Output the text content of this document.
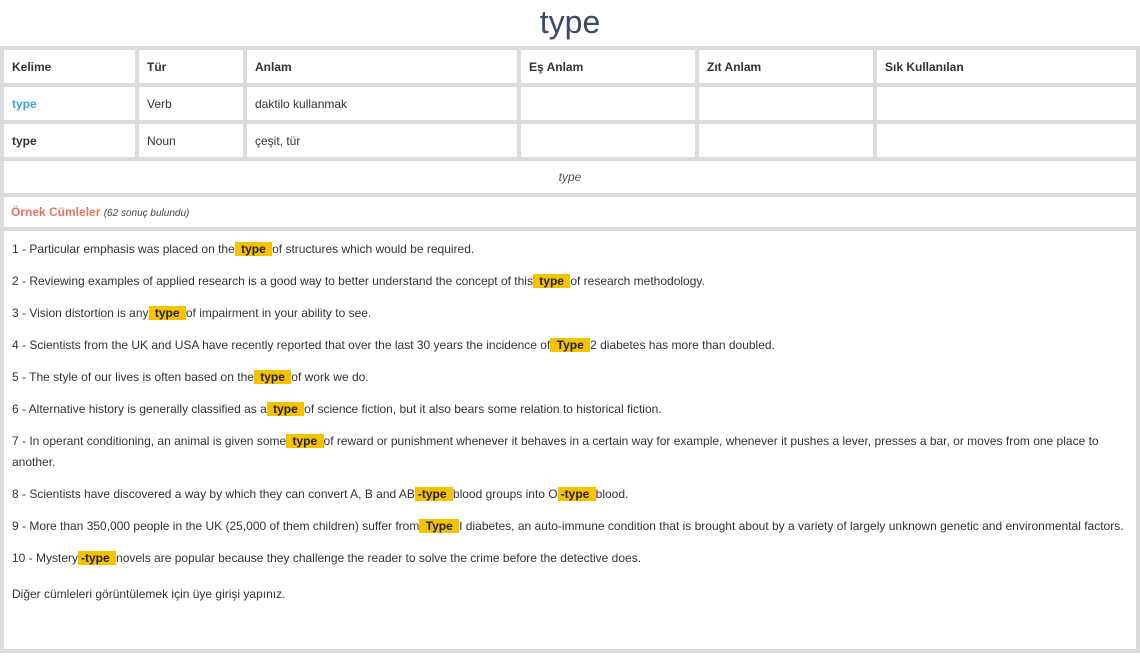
type
Kelime	Tür	Anlam	Eş Anlam	Zıt Anlam	Sık Kullanılan
type	Verb	daktilo kullanmak			
type	Noun	çeşit, tür			
type					
Örnek Cümleler (62 sonuç bulundu)
1 - Particular emphasis was placed on the type of structures which would be required.
2 - Reviewing examples of applied research is a good way to better understand the concept of this type of research methodology.
3 - Vision distortion is any type of impairment in your ability to see.
4 - Scientists from the UK and USA have recently reported that over the last 30 years the incidence of Type 2 diabetes has more than doubled.
5 - The style of our lives is often based on the type of work we do.
6 - Alternative history is generally classified as a type of science fiction, but it also bears some relation to historical fiction.
7 - In operant conditioning, an animal is given some type of reward or punishment whenever it behaves in a certain way for example, whenever it pushes a lever, presses a bar, or moves from one place to another.
8 - Scientists have discovered a way by which they can convert A, B and AB -type blood groups into O -type blood.
9 - More than 350,000 people in the UK (25,000 of them children) suffer from Type I diabetes, an auto-immune condition that is brought about by a variety of largely unknown genetic and environmental factors.
10 - Mystery -type novels are popular because they challenge the reader to solve the crime before the detective does.
Diğer cümleleri görüntülemek için üye girişi yapınız.
